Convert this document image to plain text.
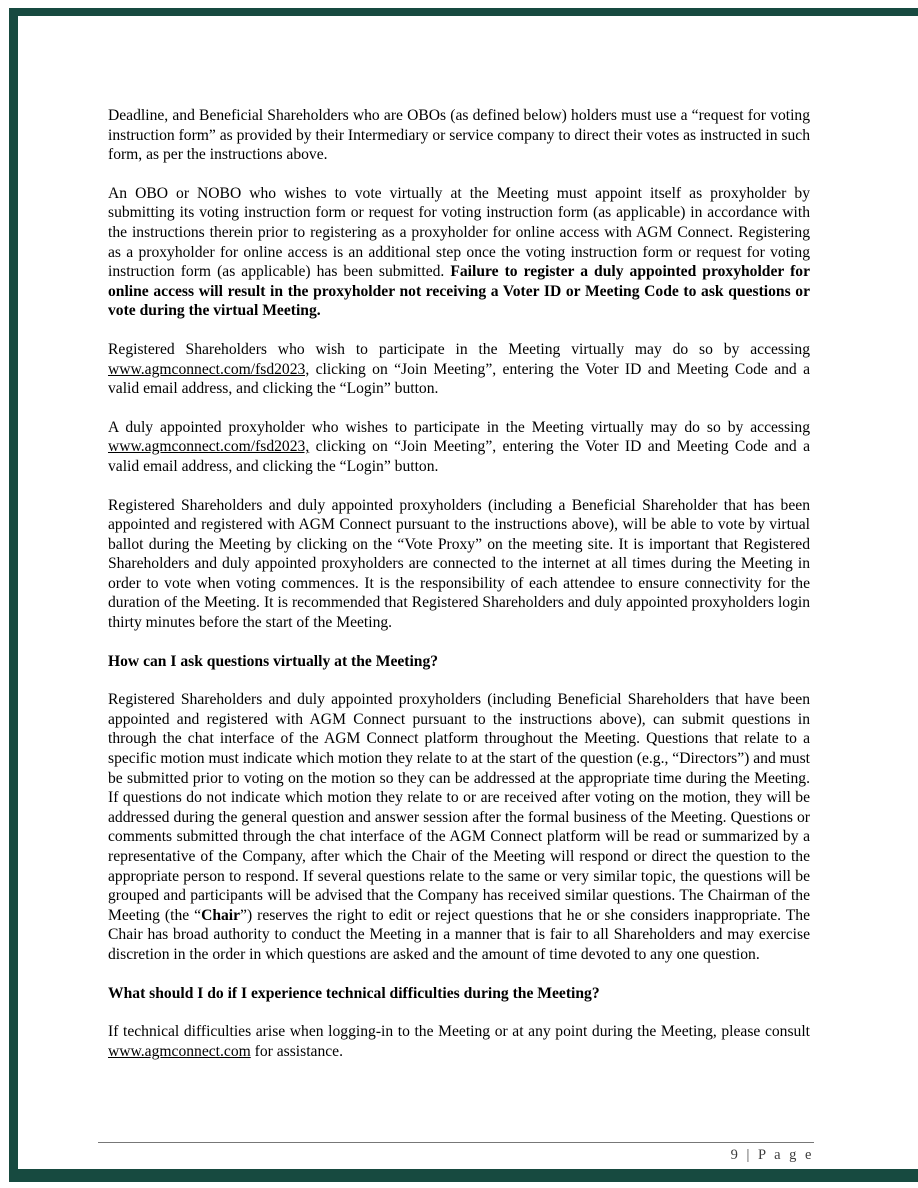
Deadline, and Beneficial Shareholders who are OBOs (as defined below) holders must use a “request for voting instruction form” as provided by their Intermediary or service company to direct their votes as instructed in such form, as per the instructions above.

An OBO or NOBO who wishes to vote virtually at the Meeting must appoint itself as proxyholder by submitting its voting instruction form or request for voting instruction form (as applicable) in accordance with the instructions therein prior to registering as a proxyholder for online access with AGM Connect. Registering as a proxyholder for online access is an additional step once the voting instruction form or request for voting instruction form (as applicable) has been submitted. Failure to register a duly appointed proxyholder for online access will result in the proxyholder not receiving a Voter ID or Meeting Code to ask questions or vote during the virtual Meeting.

Registered Shareholders who wish to participate in the Meeting virtually may do so by accessing www.agmconnect.com/fsd2023, clicking on “Join Meeting”, entering the Voter ID and Meeting Code and a valid email address, and clicking the “Login” button.

A duly appointed proxyholder who wishes to participate in the Meeting virtually may do so by accessing www.agmconnect.com/fsd2023, clicking on “Join Meeting”, entering the Voter ID and Meeting Code and a valid email address, and clicking the “Login” button.

Registered Shareholders and duly appointed proxyholders (including a Beneficial Shareholder that has been appointed and registered with AGM Connect pursuant to the instructions above), will be able to vote by virtual ballot during the Meeting by clicking on the “Vote Proxy” on the meeting site. It is important that Registered Shareholders and duly appointed proxyholders are connected to the internet at all times during the Meeting in order to vote when voting commences. It is the responsibility of each attendee to ensure connectivity for the duration of the Meeting. It is recommended that Registered Shareholders and duly appointed proxyholders login thirty minutes before the start of the Meeting.

How can I ask questions virtually at the Meeting?

Registered Shareholders and duly appointed proxyholders (including Beneficial Shareholders that have been appointed and registered with AGM Connect pursuant to the instructions above), can submit questions in through the chat interface of the AGM Connect platform throughout the Meeting. Questions that relate to a specific motion must indicate which motion they relate to at the start of the question (e.g., “Directors”) and must be submitted prior to voting on the motion so they can be addressed at the appropriate time during the Meeting. If questions do not indicate which motion they relate to or are received after voting on the motion, they will be addressed during the general question and answer session after the formal business of the Meeting. Questions or comments submitted through the chat interface of the AGM Connect platform will be read or summarized by a representative of the Company, after which the Chair of the Meeting will respond or direct the question to the appropriate person to respond. If several questions relate to the same or very similar topic, the questions will be grouped and participants will be advised that the Company has received similar questions. The Chairman of the Meeting (the “Chair”) reserves the right to edit or reject questions that he or she considers inappropriate. The Chair has broad authority to conduct the Meeting in a manner that is fair to all Shareholders and may exercise discretion in the order in which questions are asked and the amount of time devoted to any one question.

What should I do if I experience technical difficulties during the Meeting?

If technical difficulties arise when logging-in to the Meeting or at any point during the Meeting, please consult www.agmconnect.com for assistance.

9 | P a g e
